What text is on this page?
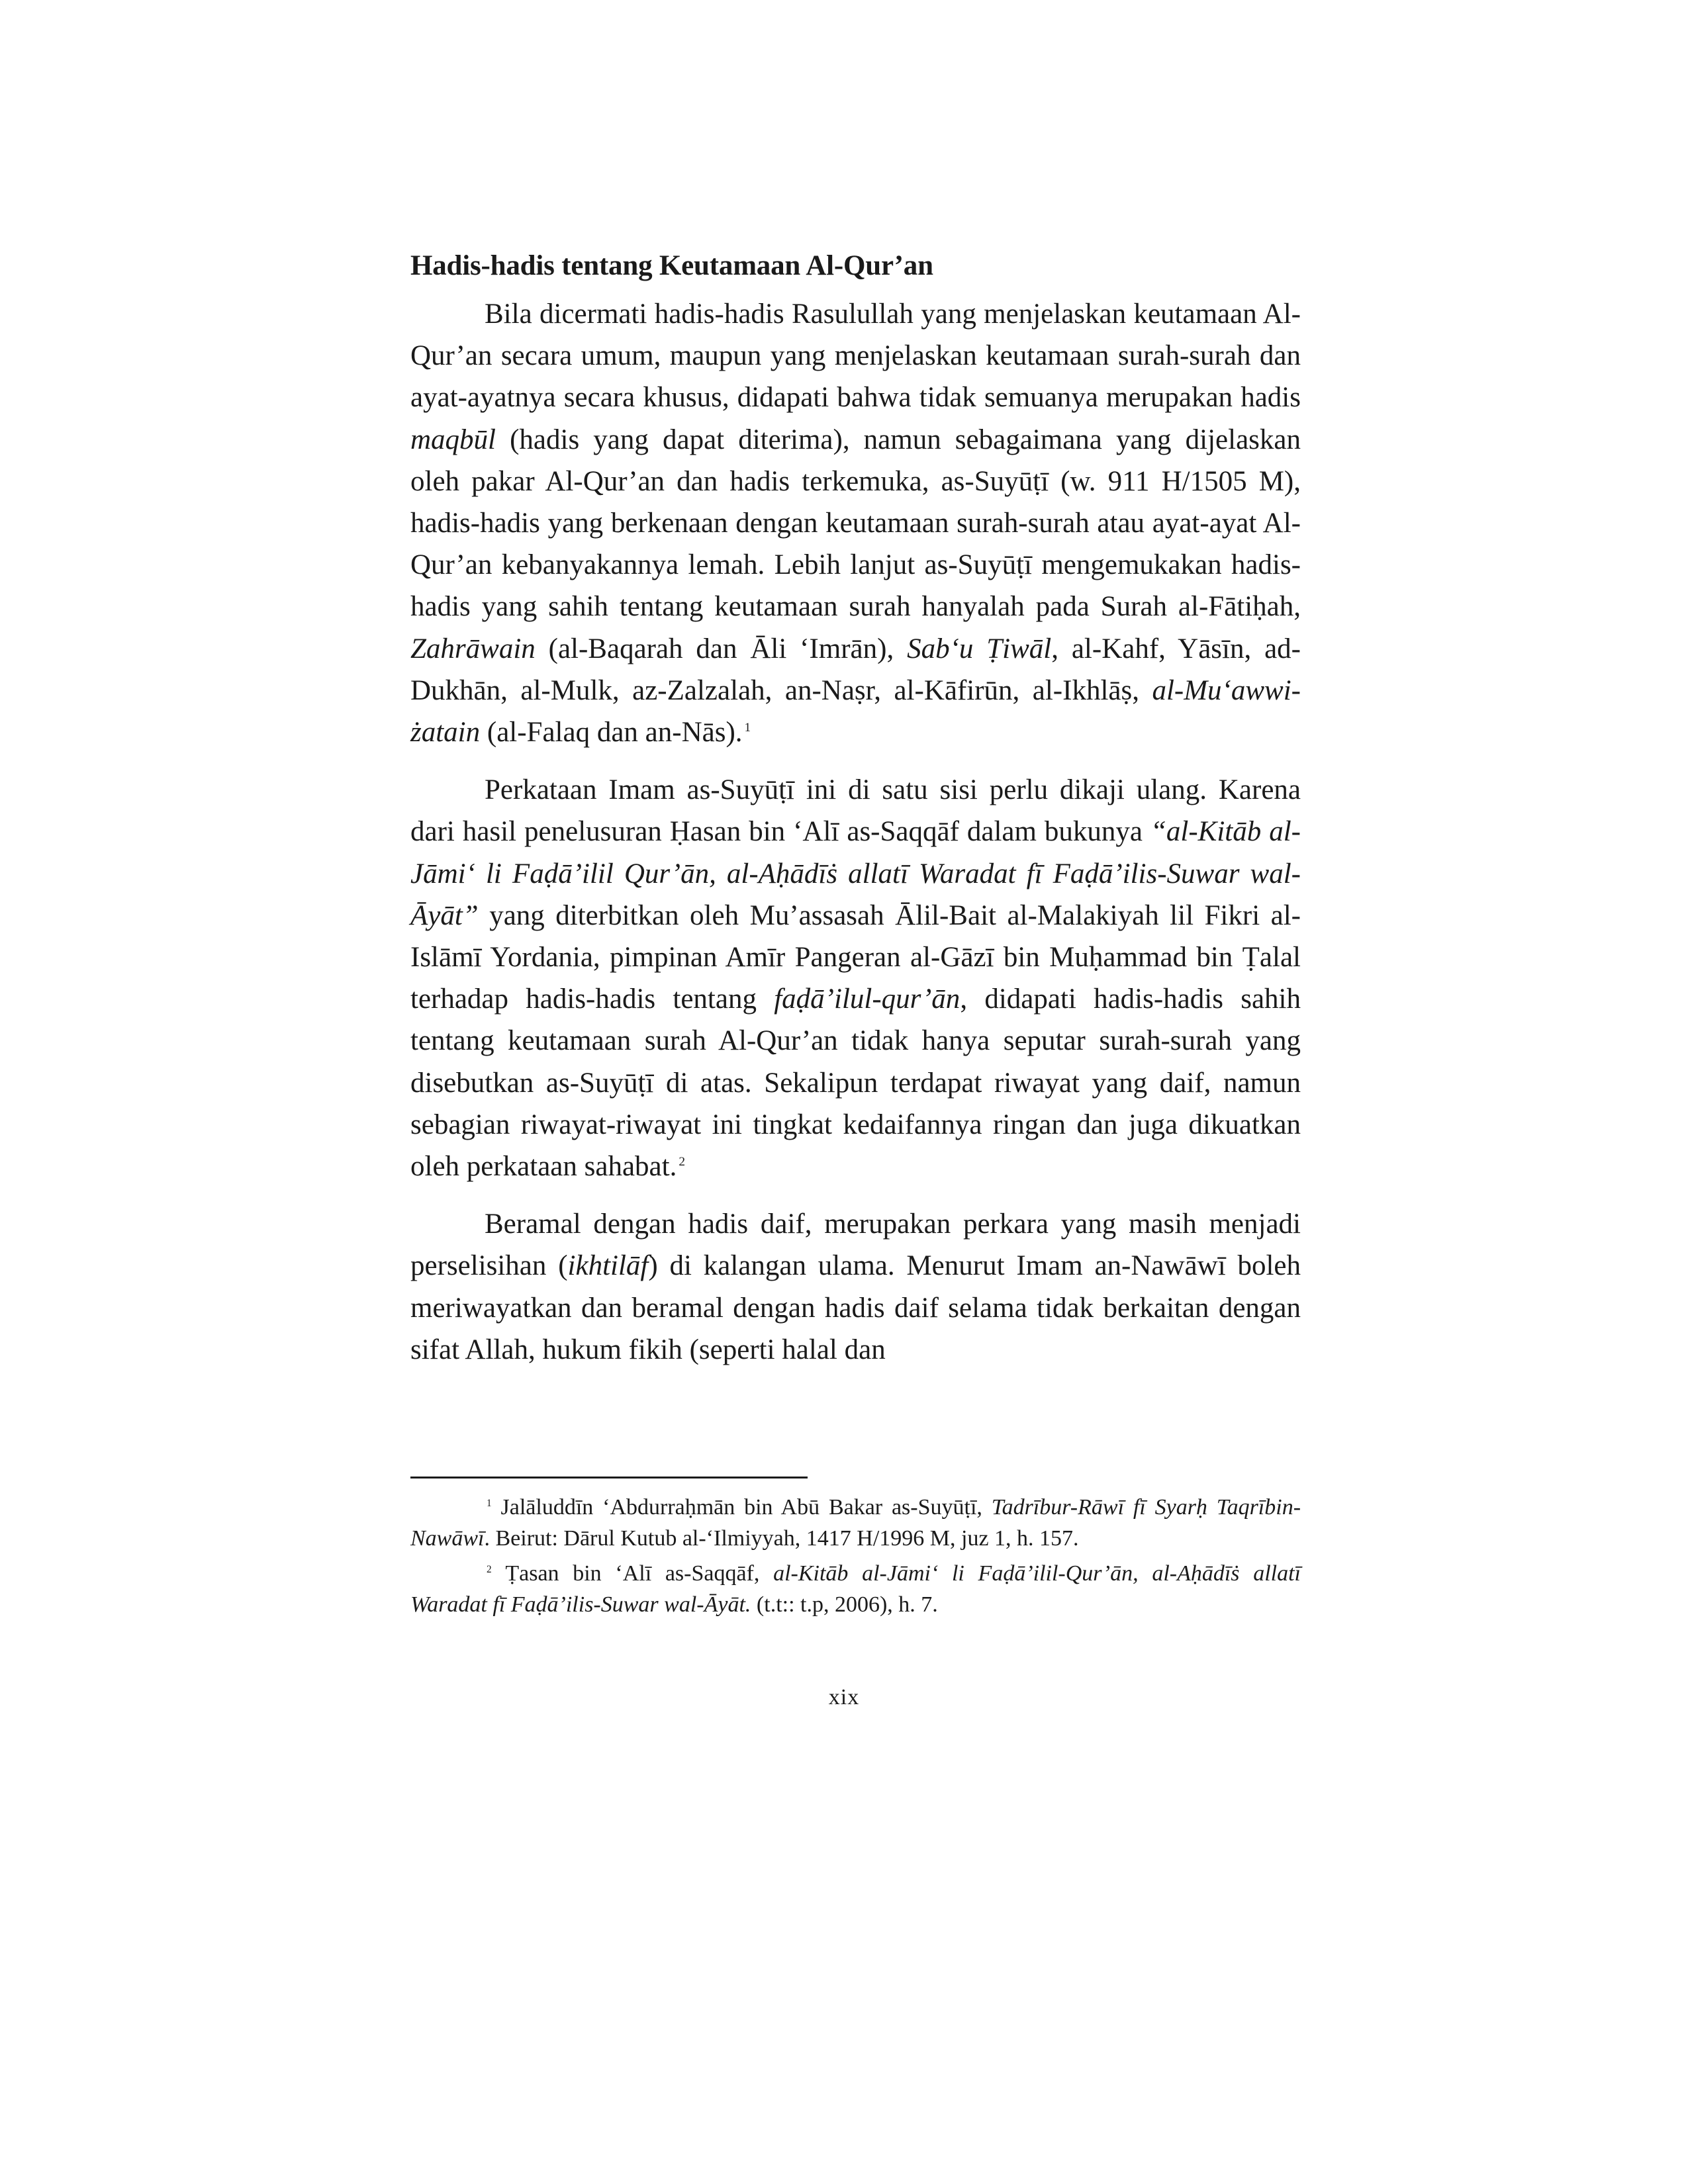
Hadis-hadis tentang Keutamaan Al-Qur’an

Bila dicermati hadis-hadis Rasulullah yang menjelaskan keutamaan Al-Qur’an secara umum, maupun yang menjelaskan keutamaan surah-surah dan ayat-ayatnya secara khusus, didapati bahwa tidak semuanya merupakan hadis maqbūl (hadis yang dapat diterima), namun sebagaimana yang dijelaskan oleh pakar Al-Qur’an dan hadis terkemuka, as-Suyūṭī (w. 911 H/1505 M), hadis-hadis yang berkenaan dengan keutamaan surah-surah atau ayat-ayat Al-Qur’an kebanyakannya lemah. Lebih lanjut as-Suyūṭī mengemukakan hadis-hadis yang sahih tentang keutamaan surah hanyalah pada Surah al-Fātiḥah, Zahrāwain (al-Baqarah dan Āli ‘Imrān), Sab‘u Ṭiwāl, al-Kahf, Yāsīn, ad-Dukhān, al-Mulk, az-Zalzalah, an-Naṣr, al-Kāfirūn, al-Ikhlāṣ, al-Mu‘awwiżatain (al-Falaq dan an-Nās). $^1$

Perkataan Imam as-Suyūṭī ini di satu sisi perlu dikaji ulang. Karena dari hasil penelusuran Ḥasan bin ‘Alī as-Saqqāf dalam bukunya “al-Kitāb al-Jāmi‘ li Faḍā’ilil Qur’ān, al-Aḥādīṡ allatī Waradat fī Faḍā’ilis-Suwar wal-Āyāt” yang diterbitkan oleh Mu’assasah Ālil-Bait al-Malakiyah lil Fikri al-Islāmī Yordania, pimpinan Amīr Pangeran al-Gāzī bin Muḥammad bin Ṭalal terhadap hadis-hadis tentang faḍā’ilul-qur’ān, didapati hadis-hadis sahih tentang keutamaan surah Al-Qur’an tidak hanya seputar surah-surah yang disebutkan as-Suyūṭī di atas. Sekalipun terdapat riwayat yang daif, namun sebagian riwayat-riwayat ini tingkat kedaifannya ringan dan juga dikuatkan oleh perkataan sahabat. $^2$

Beramal dengan hadis daif, merupakan perkara yang masih menjadi perselisihan (ikhtilāf) di kalangan ulama. Menurut Imam an-Nawāwī boleh meriwayatkan dan beramal dengan hadis daif selama tidak berkaitan dengan sifat Allah, hukum fikih (seperti halal dan

$^1$ Jalāluddīn ‘Abdurraḥmān bin Abū Bakar as-Suyūṭī, Tadrībur-Rāwī fī Syarḥ Taqrībin-Nawāwī. Beirut: Dārul Kutub al-‘Ilmiyyah, 1417 H/1996 M, juz 1, h. 157.

$^2$ Ṭasan bin ‘Alī as-Saqqāf, al-Kitāb al-Jāmi‘ li Faḍā’ilil-Qur’ān, al-Aḥādīṡ allatī Waradat fī Faḍā’ilis-Suwar wal-Āyāt. (t.t:: t.p, 2006), h. 7.

xix
